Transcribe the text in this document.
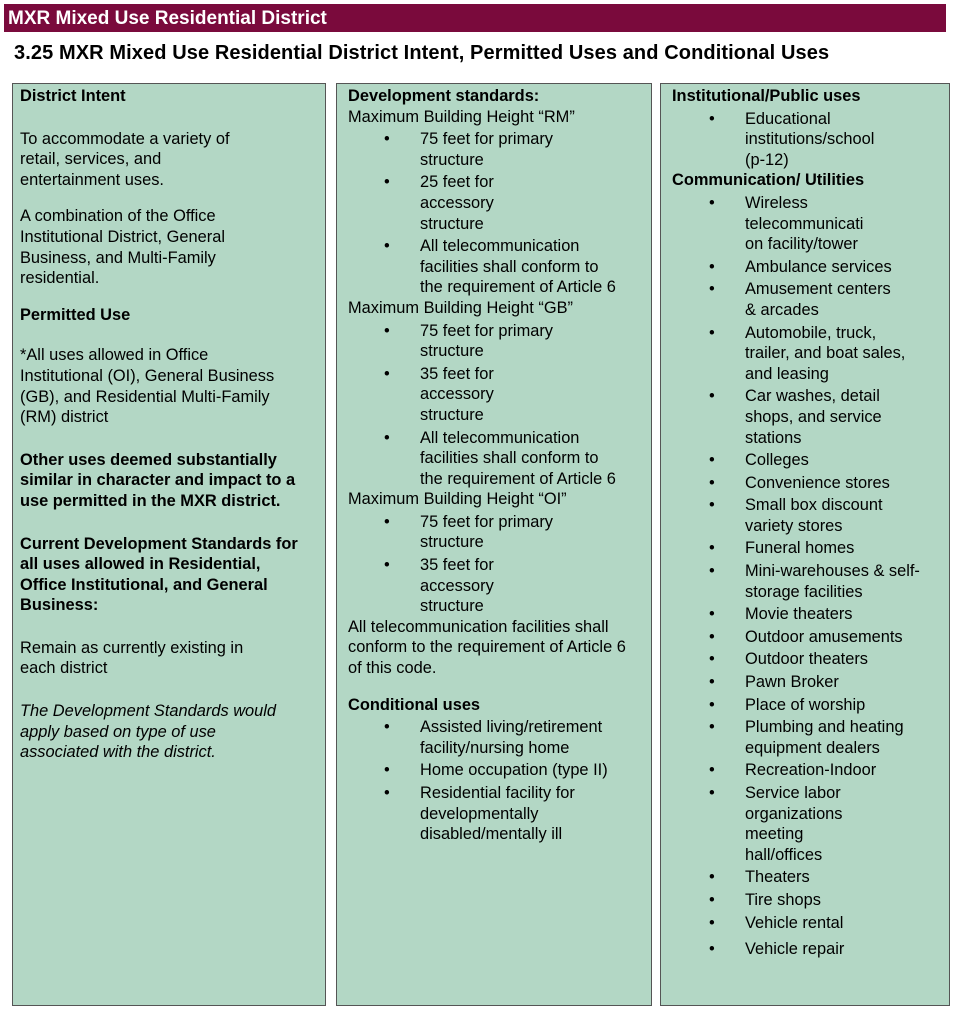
MXR Mixed Use Residential District
3.25 MXR Mixed Use Residential District Intent, Permitted Uses and Conditional Uses

District Intent

To accommodate a variety of retail, services, and entertainment uses.

A combination of the Office Institutional District, General Business, and Multi-Family residential.

Permitted Use

*All uses allowed in Office Institutional (OI), General Business (GB), and Residential Multi-Family (RM) district

Other uses deemed substantially similar in character and impact to a use permitted in the MXR district.

Current Development Standards for all uses allowed in Residential, Office Institutional, and General Business:

Remain as currently existing in each district

The Development Standards would apply based on type of use associated with the district.

Development standards:

Maximum Building Height “RM”

• 75 feet for primary structure
• 25 feet for accessory structure
• All telecommunication facilities shall conform to the requirement of Article 6

Maximum Building Height “GB”

• 75 feet for primary structure
• 35 feet for accessory structure
• All telecommunication facilities shall conform to the requirement of Article 6

Maximum Building Height “OI”

• 75 feet for primary structure
• 35 feet for accessory structure

All telecommunication facilities shall conform to the requirement of Article 6 of this code.

Conditional uses

• Assisted living/retirement facility/nursing home
• Home occupation (type II)
• Residential facility for developmentally disabled/mentally ill

Institutional/Public uses

• Educational institutions/school (p-12)

Communication/ Utilities

• Wireless telecommunicati on facility/tower
• Ambulance services
• Amusement centers & arcades
• Automobile, truck, trailer, and boat sales, and leasing
• Car washes, detail shops, and service stations
• Colleges
• Convenience stores
• Small box discount variety stores
• Funeral homes
• Mini-warehouses & self- storage facilities
• Movie theaters
• Outdoor amusements
• Outdoor theaters
• Pawn Broker
• Place of worship
• Plumbing and heating equipment dealers
• Recreation-Indoor
• Service labor organizations meeting hall/offices
• Theaters
• Tire shops
• Vehicle rental
• Vehicle repair
